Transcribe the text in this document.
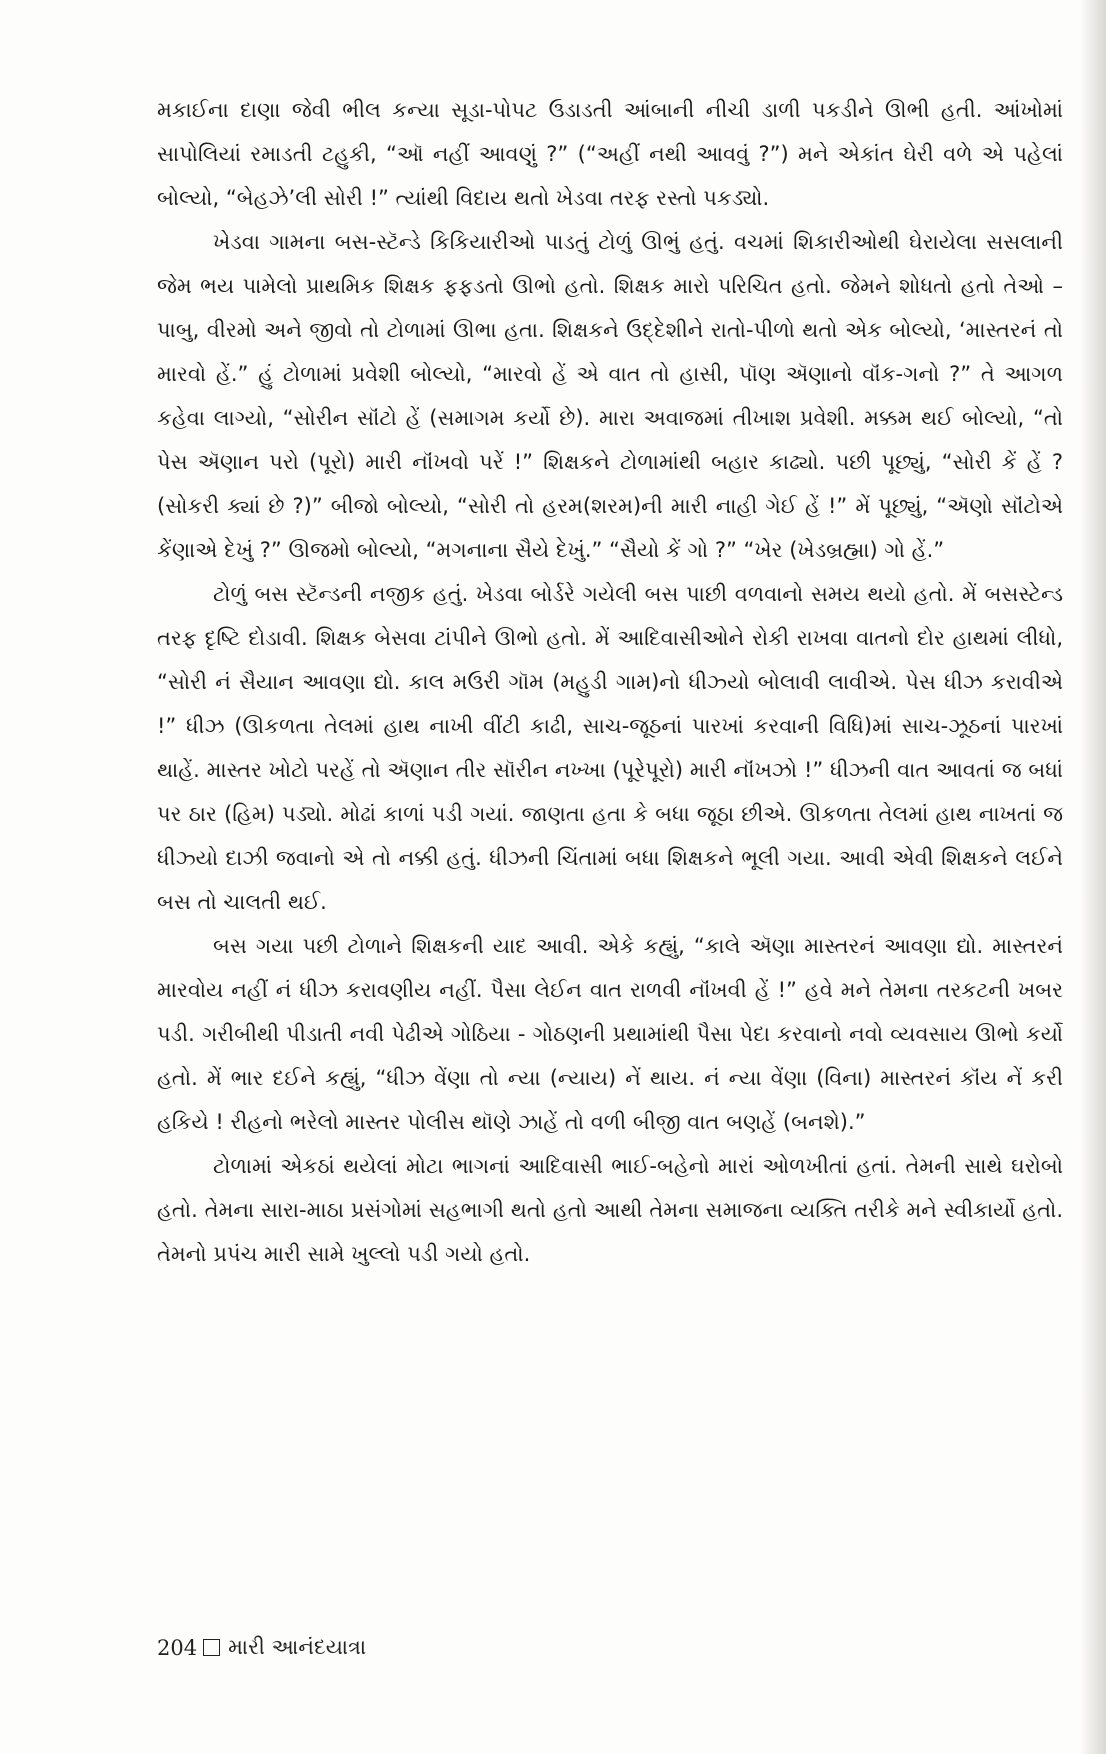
મકાઈના દાણા જેવી ભીલ કન્યા સૂડા-પોપટ ઉડાડતી આંબાની નીચી ડાળી પકડીને ઊભી હતી. આંખોમાં સાપોલિયાં રમાડતી ટહુકી, “ઑ નહીં આવણું ?” (“અહીં નથી આવવું ?”) મને એકાંત ઘેરી વળે એ પહેલાં બોલ્યો, “બેહઝે’લી સોરી !” ત્યાંથી વિદાય થતો ખેડવા તરફ રસ્તો પકડ્યો.

ખેડવા ગામના બસ-સ્ટૅન્ડે કિકિયારીઓ પાડતું ટોળું ઊભું હતું. વચમાં શિકારીઓથી ઘેરાયેલા સસલાની જેમ ભય પામેલો પ્રાથમિક શિક્ષક ફફડતો ઊભો હતો. શિક્ષક મારો પરિચિત હતો. જેમને શોધતો હતો તેઓ – પાબુ, વીરમો અને જીવો તો ટોળામાં ઊભા હતા. શિક્ષકને ઉદ્દેશીને રાતો-પીળો થતો એક બોલ્યો, ‘માસ્તરનં તો મારવો હેં.” હું ટોળામાં પ્રવેશી બોલ્યો, “મારવો હેં એ વાત તો હાસી, પૉણ ઍણાનો વૉંક-ગનો ?” તે આગળ કહેવા લાગ્યો, “સોરીન સૉંટો હેં (સમાગમ કર્યો છે). મારા અવાજમાં તીખાશ પ્રવેશી. મક્કમ થઈ બોલ્યો, “તો પેસ ઍણાન પરો (પૂરો) મારી નૉંખવો પરેં !” શિક્ષકને ટોળામાંથી બહાર કાઢ્યો. પછી પૂછ્યું, “સોરી કેં હેં ? (સોકરી ક્યાં છે ?)” બીજો બોલ્યો, “સોરી તો હરમ(શરમ)ની મારી નાહી ગેઈ હેં !” મેં પૂછ્યું, “ઍણો સૉંટોએ કેંણાએ દેખું ?” ઊજમો બોલ્યો, “મગનાના સૈયે દેખું.” “સૈયો કેં ગો ?” “ખેર (ખેડબ્રહ્મા) ગો હેં.”

ટોળું બસ સ્ટૅન્ડની નજીક હતું. ખેડવા બોર્ડરે ગયેલી બસ પાછી વળવાનો સમય થયો હતો. મેં બસસ્ટેન્ડ તરફ દૃષ્ટિ દોડાવી. શિક્ષક બેસવા ટાંપીને ઊભો હતો. મેં આદિવાસીઓને રોકી રાખવા વાતનો દોર હાથમાં લીધો, “સોરી નં સૈયાન આવણા દ્યો. કાલ મઉરી ગૉમ (મહુડી ગામ)નો ધીઝ્યો બોલાવી લાવીએ. પેસ ધીઝ કરાવીએ !” ધીઝ (ઊકળતા તેલમાં હાથ નાખી વીંટી કાઢી, સાચ-જૂઠનાં પારખાં કરવાની વિધિ)માં સાચ-ઝૂઠનાં પારખાં થાહેં. માસ્તર ખોટો પરહેં તો ઍણાન તીર સૉરીન નખ્ખા (પૂરેપૂરો) મારી નૉંખઝો !” ધીઝની વાત આવતાં જ બધાં પર ઠાર (હિમ) પડ્યો. મોઢાં કાળાં પડી ગયાં. જાણતા હતા કે બધા જૂઠા છીએ. ઊકળતા તેલમાં હાથ નાખતાં જ ધીઝ્યો દાઝી જવાનો એ તો નક્કી હતું. ધીઝની ચિંતામાં બધા શિક્ષકને ભૂલી ગયા. આવી એવી શિક્ષકને લઈને બસ તો ચાલતી થઈ.

બસ ગયા પછી ટોળાને શિક્ષકની યાદ આવી. એકે કહ્યું, “કાલે ઍણા માસ્તરનં આવણા દ્યો. માસ્તરનં મારવોય નહીં નં ધીઝ કરાવણીય નહીં. પૈસા લેઈન વાત રાળવી નૉંખવી હેં !” હવે મને તેમના તરકટની ખબર પડી. ગરીબીથી પીડાતી નવી પેઢીએ ગોઠિયા - ગોઠણની પ્રથામાંથી પૈસા પેદા કરવાનો નવો વ્યવસાય ઊભો કર્યો હતો. મેં ભાર દઈને કહ્યું, “ધીઝ વેંણા તો ન્યા (ન્યાય) નેં થાય. નં ન્યા વેંણા (વિના) માસ્તરનં કૉંય નેં કરી હકિયે ! રીહનો ભરેલો માસ્તર પોલીસ થૉણે ઝાહેં તો વળી બીજી વાત બણહેં (બનશે).”

ટોળામાં એકઠાં થયેલાં મોટા ભાગનાં આદિવાસી ભાઈ-બહેનો મારાં ઓળખીતાં હતાં. તેમની સાથે ઘરોબો હતો. તેમના સારા-માઠા પ્રસંગોમાં સહભાગી થતો હતો આથી તેમના સમાજના વ્યક્તિ તરીકે મને સ્વીકાર્યો હતો. તેમનો પ્રપંચ મારી સામે ખુલ્લો પડી ગયો હતો.

204 મારી આનંદયાત્રા
